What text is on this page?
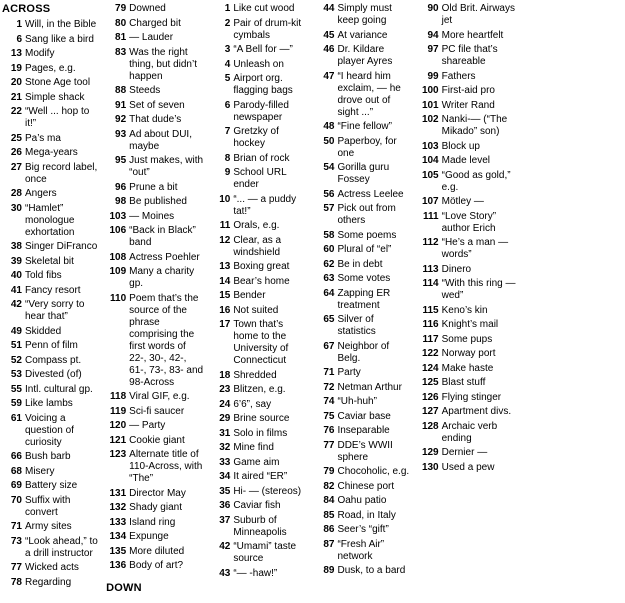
ACROSS
1 Will, in the Bible
6 Sang like a bird
13 Modify
19 Pages, e.g.
20 Stone Age tool
21 Simple shack
22 “Well ... hop to it!”
25 Pa’s ma
26 Mega-years
27 Big record label, once
28 Angers
30 “Hamlet” monologue exhortation
38 Singer DiFranco
39 Skeletal bit
40 Told fibs
41 Fancy resort
42 “Very sorry to hear that”
49 Skidded
51 Penn of film
52 Compass pt.
53 Divested (of)
55 Intl. cultural gp.
59 Like lambs
61 Voicing a question of curiosity
66 Bush barb
68 Misery
69 Battery size
70 Suffix with convert
71 Army sites
73 “Look ahead,” to a drill instructor
77 Wicked acts
78 Regarding
79 Downed
80 Charged bit
81 — Lauder
83 Was the right thing, but didn’t happen
88 Steeds
91 Set of seven
92 That dude’s
93 Ad about DUI, maybe
95 Just makes, with “out”
96 Prune a bit
98 Be published
103 — Moines
106 “Back in Black” band
108 Actress Poehler
109 Many a charity gp.
110 Poem that’s the source of the phrase comprising the first words of 22-, 30-, 42-, 61-, 73-, 83- and 98-Across
118 Viral GIF, e.g.
119 Sci-fi saucer
120 — Party
121 Cookie giant
123 Alternate title of 110-Across, with “The”
131 Director May
132 Shady giant
133 Island ring
134 Expunge
135 More diluted
136 Body of art?
DOWN
1 Like cut wood
2 Pair of drum-kit cymbals
3 “A Bell for —”
4 Unleash on
5 Airport org. flagging bags
6 Parody-filled newspaper
7 Gretzky of hockey
8 Brian of rock
9 School URL ender
10 “... — a puddy tat!”
11 Orals, e.g.
12 Clear, as a windshield
13 Boxing great
14 Bear’s home
15 Bender
16 Not suited
17 Town that’s home to the University of Connecticut
18 Shredded
23 Blitzen, e.g.
24 6’6”, say
29 Brine source
31 Solo in films
32 Mine find
33 Game aim
34 It aired “ER”
35 Hi- — (stereos)
36 Caviar fish
37 Suburb of Minneapolis
42 “Umami” taste source
43 “— -haw!”
44 Simply must keep going
45 At variance
46 Dr. Kildare player Ayres
47 “I heard him exclaim, — he drove out of sight ...”
48 “Fine fellow”
50 Paperboy, for one
54 Gorilla guru Fossey
56 Actress Leelee
57 Pick out from others
58 Some poems
60 Plural of “el”
62 Be in debt
63 Some votes
64 Zapping ER treatment
65 Silver of statistics
67 Neighbor of Belg.
71 Party
72 Netman Arthur
74 “Uh-huh”
75 Caviar base
76 Inseparable
77 DDE’s WWII sphere
79 Chocoholic, e.g.
82 Chinese port
84 Oahu patio
85 Road, in Italy
86 Seer’s “gift”
87 “Fresh Air” network
89 Dusk, to a bard
90 Old Brit. Airways jet
94 More heartfelt
97 PC file that’s shareable
99 Fathers
100 First-aid pro
101 Writer Rand
102 Nanki-— (“The Mikado” son)
103 Block up
104 Made level
105 “Good as gold,” e.g.
107 Mötley —
111 “Love Story” author Erich
112 “He’s a man — words”
113 Dinero
114 “With this ring — wed”
115 Keno’s kin
116 Knight’s mail
117 Some pups
122 Norway port
124 Make haste
125 Blast stuff
126 Flying stinger
127 Apartment divs.
128 Archaic verb ending
129 Dernier —
130 Used a pew
